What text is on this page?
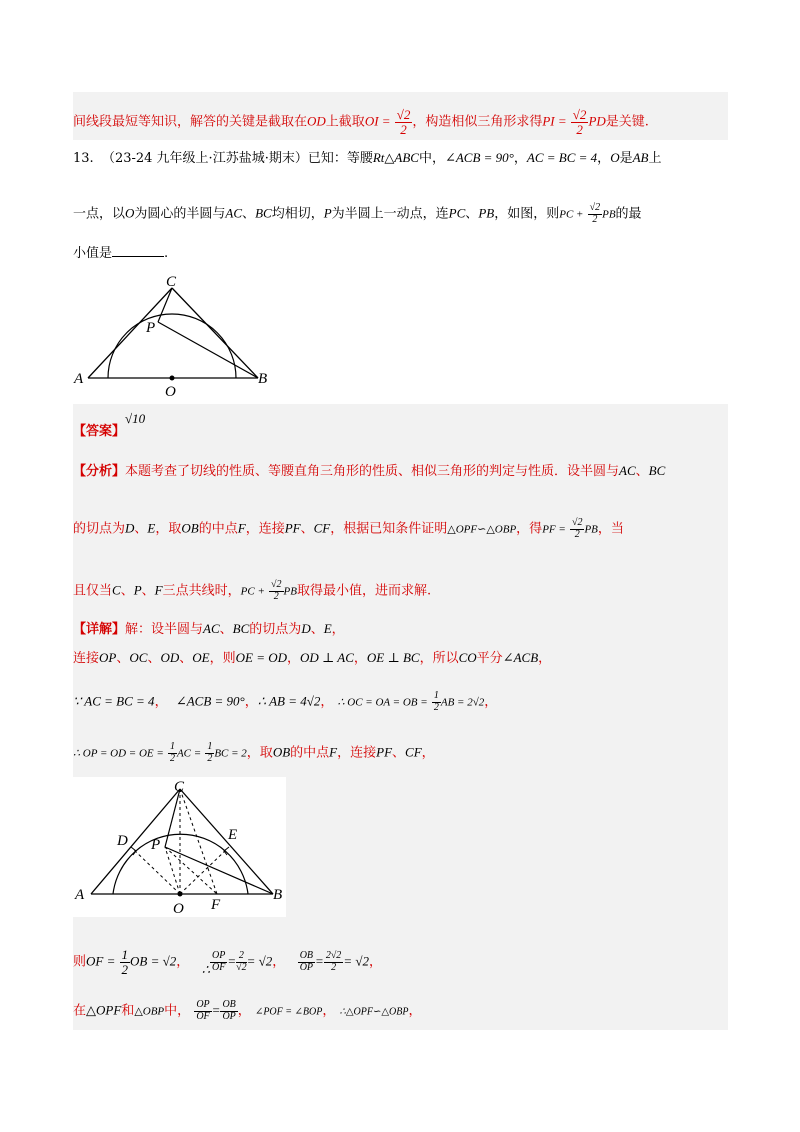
间线段最短等知识，解答的关键是截取在OD上截取OI = $\frac{√2}{2}$ ，构造相似三角形求得PI = $\frac{√2}{2}$ PD是关键.
13. （23-24 九年级上·江苏盐城·期末）已知：等腰Rt△ABC中，∠ACB = 90°，AC = BC = 4，O是AB上
一点，以O为圆心的半圆与AC、BC均相切，P为半圆上一动点，连PC、PB，如图，则PC + $\frac{√2}{2}$ PB的最
小值是	.
C
P
A
O
B
【答案】√10
【分析】本题考查了切线的性质、等腰直角三角形的性质、相似三角形的判定与性质．设半圆与AC、BC
的切点为D、E，取OB的中点F，连接PF、CF，根据已知条件证明△OPF∽△OBP，得PF = $\frac{√2}{2}$ PB，当
且仅当C、P、F三点共线时，PC + $\frac{√2}{2}$ PB取得最小值，进而求解.
【详解】解：设半圆与AC、BC的切点为D、E，
连接OP、OC、OD、OE，则OE = OD，OD ⊥ AC，OE ⊥ BC，所以CO平分∠ACB，
∵ AC = BC = 4， ∠ACB = 90°，∴ AB = 4√2， ∴ OC = OA = OB = $\frac{1}{2}$ AB = 2√2，
∴ OP = OD = OE = $\frac{1}{2}$ AC = $\frac{1}{2}$ BC = 2，取OB的中点F，连接PF、CF，
C
D	E
P
A
O F
B
则OF = $\frac{1}{2}$ OB = √2， ∴ $\frac{OP}{OF} = \frac{2}{√2} = √2$， $\frac{OB}{OP} = \frac{2√2}{2} = √2$，
在△OPF和△OBP中， $\frac{OP}{OF} = \frac{OB}{OP}$ ， ∠POF = ∠BOP， ∴△OPF∽△OBP，
